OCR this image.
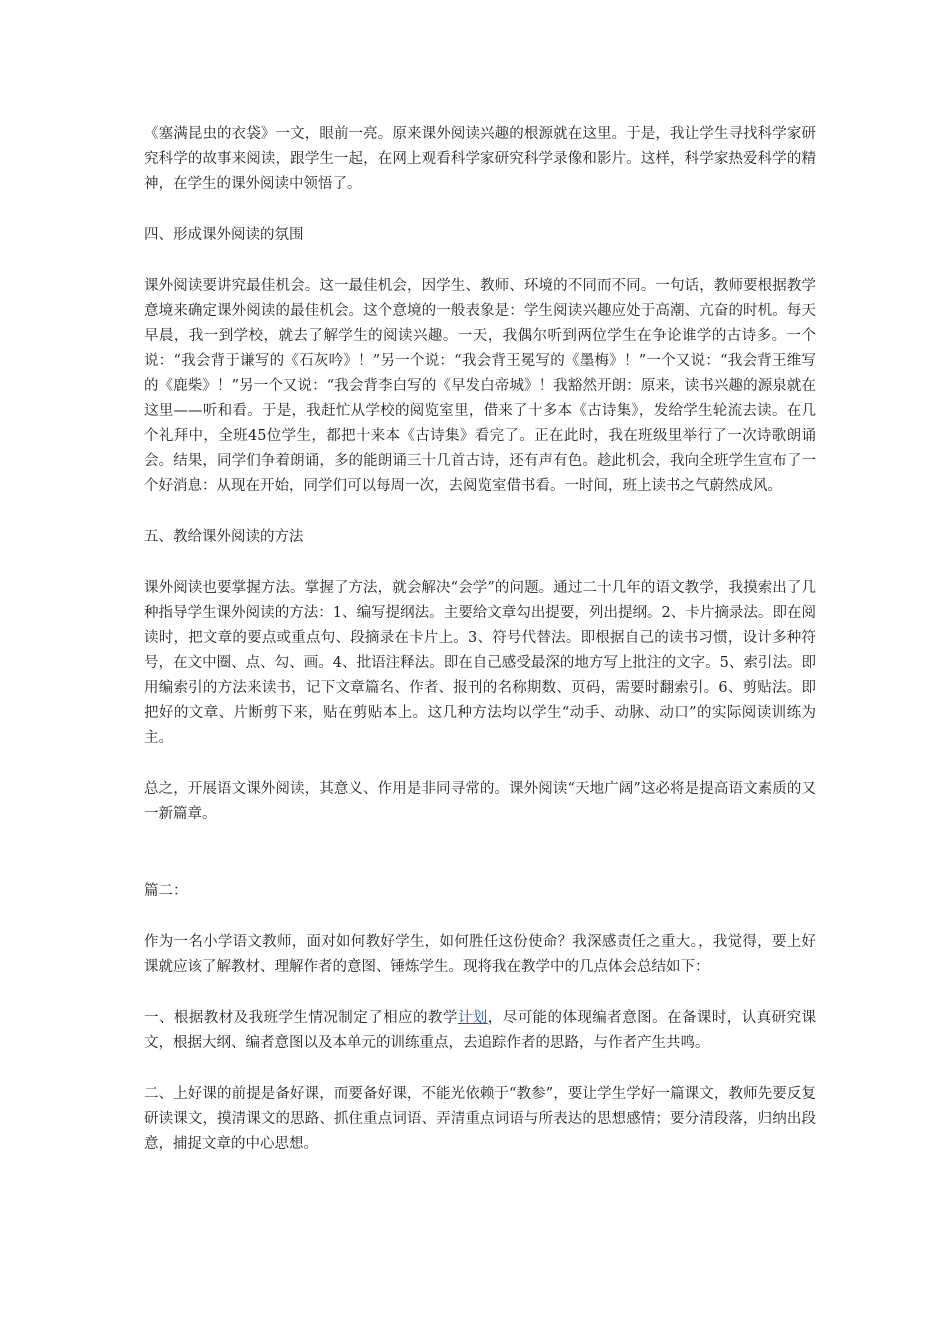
《塞满昆虫的衣袋》一文，眼前一亮。原来课外阅读兴趣的根源就在这里。于是，我让学生寻找科学家研究科学的故事来阅读，跟学生一起，在网上观看科学家研究科学录像和影片。这样，科学家热爱科学的精神，在学生的课外阅读中领悟了。

四、形成课外阅读的氛围

课外阅读要讲究最佳机会。这一最佳机会，因学生、教师、环境的不同而不同。一句话，教师要根据教学意境来确定课外阅读的最佳机会。这个意境的一般表象是：学生阅读兴趣应处于高潮、亢奋的时机。每天早晨，我一到学校，就去了解学生的阅读兴趣。一天，我偶尔听到两位学生在争论谁学的古诗多。一个说：“我会背于谦写的《石灰吟》！”另一个说：“我会背王冕写的《墨梅》！”一个又说：“我会背王维写的《鹿柴》！”另一个又说：“我会背李白写的《早发白帝城》！我豁然开朗：原来，读书兴趣的源泉就在这里——听和看。于是，我赶忙从学校的阅览室里，借来了十多本《古诗集》，发给学生轮流去读。在几个礼拜中，全班45位学生，都把十来本《古诗集》看完了。正在此时，我在班级里举行了一次诗歌朗诵会。结果，同学们争着朗诵，多的能朗诵三十几首古诗，还有声有色。趁此机会，我向全班学生宣布了一个好消息：从现在开始，同学们可以每周一次，去阅览室借书看。一时间，班上读书之气蔚然成风。

五、教给课外阅读的方法

课外阅读也要掌握方法。掌握了方法，就会解决“会学”的问题。通过二十几年的语文教学，我摸索出了几种指导学生课外阅读的方法：1、编写提纲法。主要给文章勾出提要，列出提纲。2、卡片摘录法。即在阅读时，把文章的要点或重点句、段摘录在卡片上。3、符号代替法。即根据自己的读书习惯，设计多种符号，在文中圈、点、勾、画。4、批语注释法。即在自己感受最深的地方写上批注的文字。5、索引法。即用编索引的方法来读书，记下文章篇名、作者、报刊的名称期数、页码，需要时翻索引。6、剪贴法。即把好的文章、片断剪下来，贴在剪贴本上。这几种方法均以学生“动手、动脉、动口”的实际阅读训练为主。

总之，开展语文课外阅读，其意义、作用是非同寻常的。课外阅读“天地广阔”这必将是提高语文素质的又一新篇章。

篇二：

作为一名小学语文教师，面对如何教好学生，如何胜任这份使命？我深感责任之重大。，我觉得，要上好课就应该了解教材、理解作者的意图、锤炼学生。现将我在教学中的几点体会总结如下：

一、根据教材及我班学生情况制定了相应的教学计划，尽可能的体现编者意图。在备课时，认真研究课文，根据大纲、编者意图以及本单元的训练重点，去追踪作者的思路，与作者产生共鸣。

二、上好课的前提是备好课，而要备好课，不能光依赖于“教参”，要让学生学好一篇课文，教师先要反复研读课文，摸清课文的思路、抓住重点词语、弄清重点词语与所表达的思想感情；要分清段落，归纳出段意，捕捉文章的中心思想。
